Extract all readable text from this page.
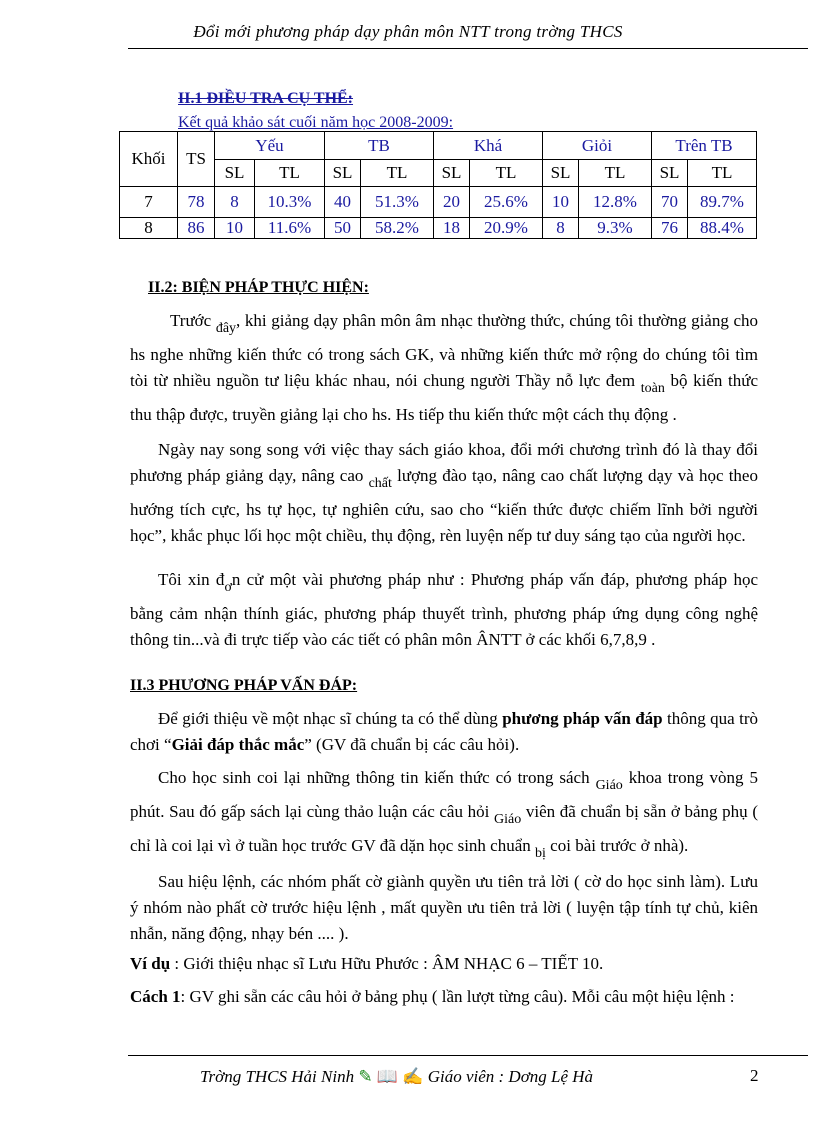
Đổi mới phương pháp dạy phân môn NTT trong trờng THCS
II.1 ĐIỀU TRA CỤ THỂ:
Kết quả khảo sát cuối năm học 2008-2009:
Khối	TS	Yếu		TB		Khá		Giỏi		Trên TB	
		SL	TL	SL	TL	SL	TL	SL	TL	SL	TL
7	78	8	10.3%	40	51.3%	20	25.6%	10	12.8%	70	89.7%
8	86	10	11.6%	50	58.2%	18	20.9%	8	9.3%	76	88.4%
II.2: BIỆN PHÁP THỰC HIỆN:

Trước $_{đây}$, khi giảng dạy phân môn âm nhạc thường thức, chúng tôi thường giảng cho hs nghe những kiến thức có trong sách GK, và những kiến thức mở rộng do chúng tôi tìm tòi từ nhiều nguồn tư liệu khác nhau, nói chung người Thầy nỗ lực đem $_{toàn}$ bộ kiến thức thu thập được, truyền giảng lại cho hs. Hs tiếp thu kiến thức một cách thụ động .

Ngày nay song song với việc thay sách giáo khoa, đổi mới chương trình đó là thay đổi phương pháp giảng dạy, nâng cao $_{chất}$ lượng đào tạo, nâng cao chất lượng dạy và học theo hướng tích cực, hs tự học, tự nghiên cứu, sao cho “kiến thức được chiếm lĩnh bởi người học”, khắc phục lối học một chiều, thụ động, rèn luyện nếp tư duy sáng tạo của người học.

Tôi xin $đ_ơn$ cử một vài phương pháp như : Phương pháp vấn đáp, phương pháp học bằng cảm nhận thính giác, phương pháp thuyết trình, phương pháp ứng dụng công nghệ thông tin...và đi trực tiếp vào các tiết có phân môn ÂNTT ở các khối 6,7,8,9 .

II.3 PHƯƠNG PHÁP VẤN ĐÁP:

Để giới thiệu về một nhạc sĩ chúng ta có thể dùng phương pháp vấn đáp thông qua trò chơi “Giải đáp thắc mắc” (GV đã chuẩn bị các câu hỏi).

Cho học sinh coi lại những thông tin kiến thức có trong sách $_{Giáo}$ khoa trong vòng 5 phút. Sau đó gấp sách lại cùng thảo luận các câu hỏi $_{Giáo}$ viên đã chuẩn bị sẵn ở bảng phụ ( chỉ là coi lại vì ở tuần học trước GV đã dặn học sinh chuẩn $_{bị}$ coi bài trước ở nhà).

Sau hiệu lệnh, các nhóm phất cờ giành quyền ưu tiên trả lời ( cờ do học sinh làm). Lưu ý nhóm nào phất cờ trước hiệu lệnh , mất quyền ưu tiên trả lời ( luyện tập tính tự chủ, kiên nhẫn, năng động, nhạy bén .... ).

Ví dụ : Giới thiệu nhạc sĩ Lưu Hữu Phước : ÂM NHẠC 6 – TIẾT 10.

Cách 1: GV ghi sẵn các câu hỏi ở bảng phụ ( lần lượt từng câu). Mỗi câu một hiệu lệnh :

Trờng THCS Hải Ninh ✎ 📖 ✍ Giáo viên : Dơng Lệ Hà	2
